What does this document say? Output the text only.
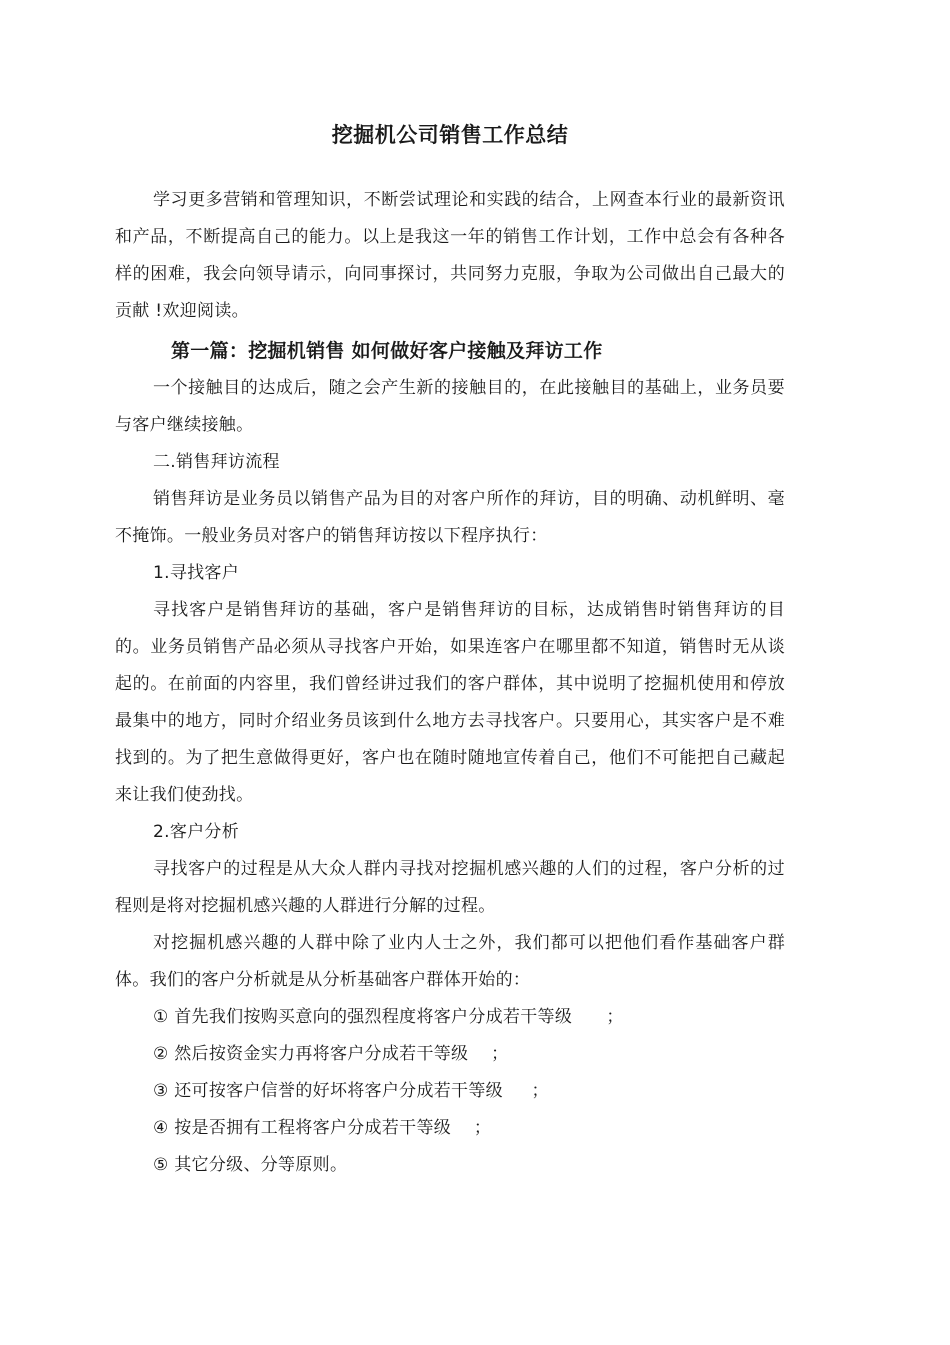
挖掘机公司销售工作总结

学习更多营销和管理知识，不断尝试理论和实践的结合，上网查本行业的最新资讯和产品，不断提高自己的能力。以上是我这一年的销售工作计划，工作中总会有各种各样的困难，我会向领导请示，向同事探讨，共同努力克服，争取为公司做出自己最大的贡献 !欢迎阅读。

第一篇：挖掘机销售 如何做好客户接触及拜访工作

一个接触目的达成后，随之会产生新的接触目的，在此接触目的基础上，业务员要与客户继续接触。

二.销售拜访流程

销售拜访是业务员以销售产品为目的对客户所作的拜访，目的明确、动机鲜明、毫不掩饰。一般业务员对客户的销售拜访按以下程序执行：

1.寻找客户

寻找客户是销售拜访的基础，客户是销售拜访的目标，达成销售时销售拜访的目的。业务员销售产品必须从寻找客户开始，如果连客户在哪里都不知道，销售时无从谈起的。在前面的内容里，我们曾经讲过我们的客户群体，其中说明了挖掘机使用和停放最集中的地方，同时介绍业务员该到什么地方去寻找客户。只要用心，其实客户是不难找到的。为了把生意做得更好，客户也在随时随地宣传着自己，他们不可能把自己藏起来让我们使劲找。

2.客户分析

寻找客户的过程是从大众人群内寻找对挖掘机感兴趣的人们的过程，客户分析的过程则是将对挖掘机感兴趣的人群进行分解的过程。

对挖掘机感兴趣的人群中除了业内人士之外，我们都可以把他们看作基础客户群体。我们的客户分析就是从分析基础客户群体开始的：

① 首先我们按购买意向的强烈程度将客户分成若干等级      ；

② 然后按资金实力再将客户分成若干等级    ；

③ 还可按客户信誉的好坏将客户分成若干等级     ；

④ 按是否拥有工程将客户分成若干等级    ；

⑤ 其它分级、分等原则。
